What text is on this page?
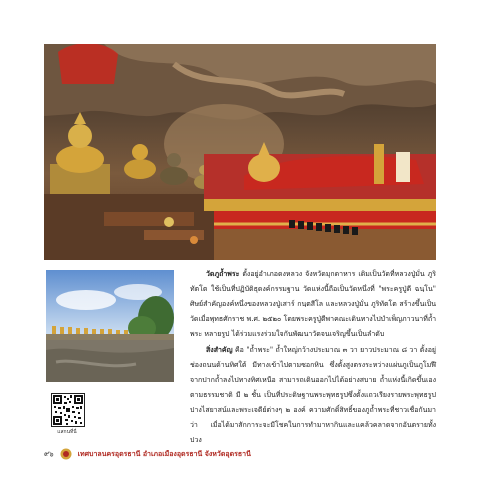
แสกนที่นี่

วัดภูถ้ำพระ ตั้งอยู่อำเภอดงหลวง จังหวัดมุกดาหาร เดิมเป็นวัดที่หลวงปู่มั่น ภูริทัตโต ใช้เป็นที่ปฏิบัติธุดงค์กรรมฐาน วัดแห่งนี้ถือเป็นวัดหนึ่งที่ "พระครูปู่ดี ฉนฺโน" ศิษย์สำคัญองค์หนึ่งของหลวงปู่เสาร์ กนฺตสีโล และหลวงปู่มั่น ภูริทัตโต สร้างขึ้นเป็นวัดเมื่อพุทธศักราช พ.ศ. ๒๕๒๐ โดยพระครูปู่ดีพาคณะเดินทางไปบำเพ็ญภาวนาที่ถ้ำพระ หลายรูป ได้ร่วมแรงร่วมใจกันพัฒนาวัดจนเจริญขึ้นเป็นลำดับ

สิ่งสำคัญ คือ "ถ้ำพระ" ถ้ำใหญ่กว้างประมาณ ๓ วา ยาวประมาณ ๘ วา ตั้งอยู่ช่องถนนด้านทิศใต้ มีทางเข้าไปตามซอกหิน ซึ่งตั้งสูงตรงระหว่างแผ่นภูเป็นภูโมฬี จากปากถ้ำลงไปทางทิศเหนือ สามารถเดินออกไปได้อย่างสบาย ถ้ำแห่งนี้เกิดขึ้นเองตามธรรมชาติ มี ๒ ชั้น เป็นที่ประดิษฐานพระพุทธรูปซึ่งตั้งแถวเรียงรายพระพุทธรูปปางไสยาสน์และพระเจดีย์ต่างๆ ๒ องค์ ความศักดิ์สิทธิ์ของภูถ้ำพระที่ชาวเชื่อกันมาว่า เมื่อได้มาสักการะจะมีโชคในการทำมาหากินและแคล้วคลาดจากอันตรายทั้งปวง

๙๖	เทศบาลนครอุดรธานี อำเภอเมืองอุดรธานี จังหวัดอุดรธานี
